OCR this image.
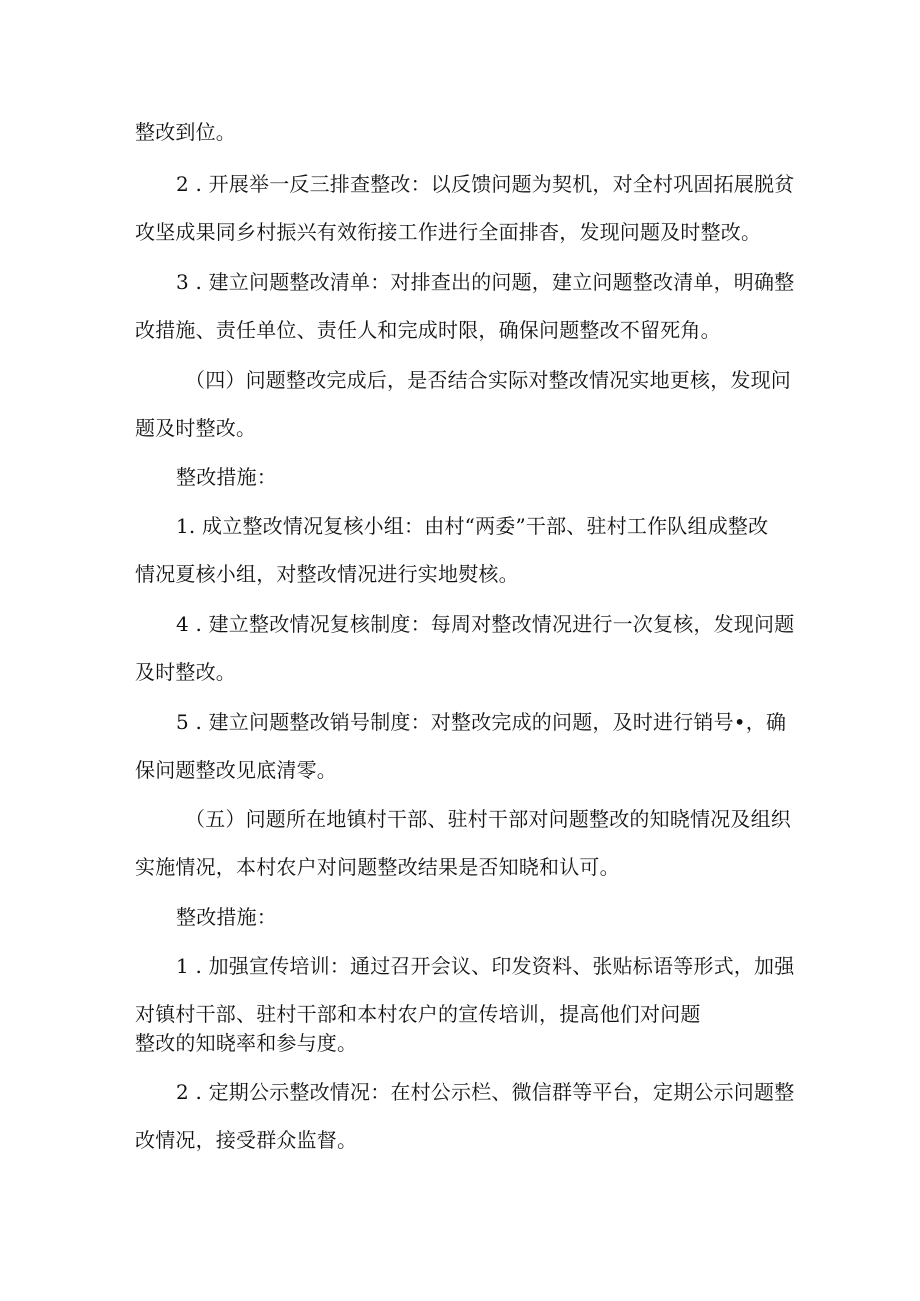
整改到位。

2 . 开展举一反三排查整改：以反馈问题为契机，对全村巩固拓展脱贫

攻坚成果同乡村振兴有效衔接工作进行全面排杳，发现问题及时整改。

3 . 建立问题整改清单：对排查出的问题，建立问题整改清单，明确整

改措施、责任单位、责任人和完成时限，确保问题整改不留死角。

（四）问题整改完成后，是否结合实际对整改情况实地更核，发现问

题及时整改。

整改措施：

1. 成立整改情况复核小组：由村“两委”干部、驻村工作队组成整改

情况夏核小组，对整改情况进行实地熨核。

4 . 建立整改情况复核制度：每周对整改情况进行一次复核，发现问题

及时整改。

5 . 建立问题整改销号制度：对整改完成的问题，及时进行销号•，确

保问题整改见底清零。

（五）问题所在地镇村干部、驻村干部对问题整改的知晓情况及组织

实施情况，本村农户对问题整改结果是否知晓和认可。

整改措施：

1 . 加强宣传培训：通过召开会议、印发资料、张贴标语等形式，加强

对镇村干部、驻村干部和本村农户的宣传培训，提高他们对问题

整改的知晓率和参与度。

2 . 定期公示整改情况：在村公示栏、微信群等平台，定期公示问题整

改情况，接受群众监督。
